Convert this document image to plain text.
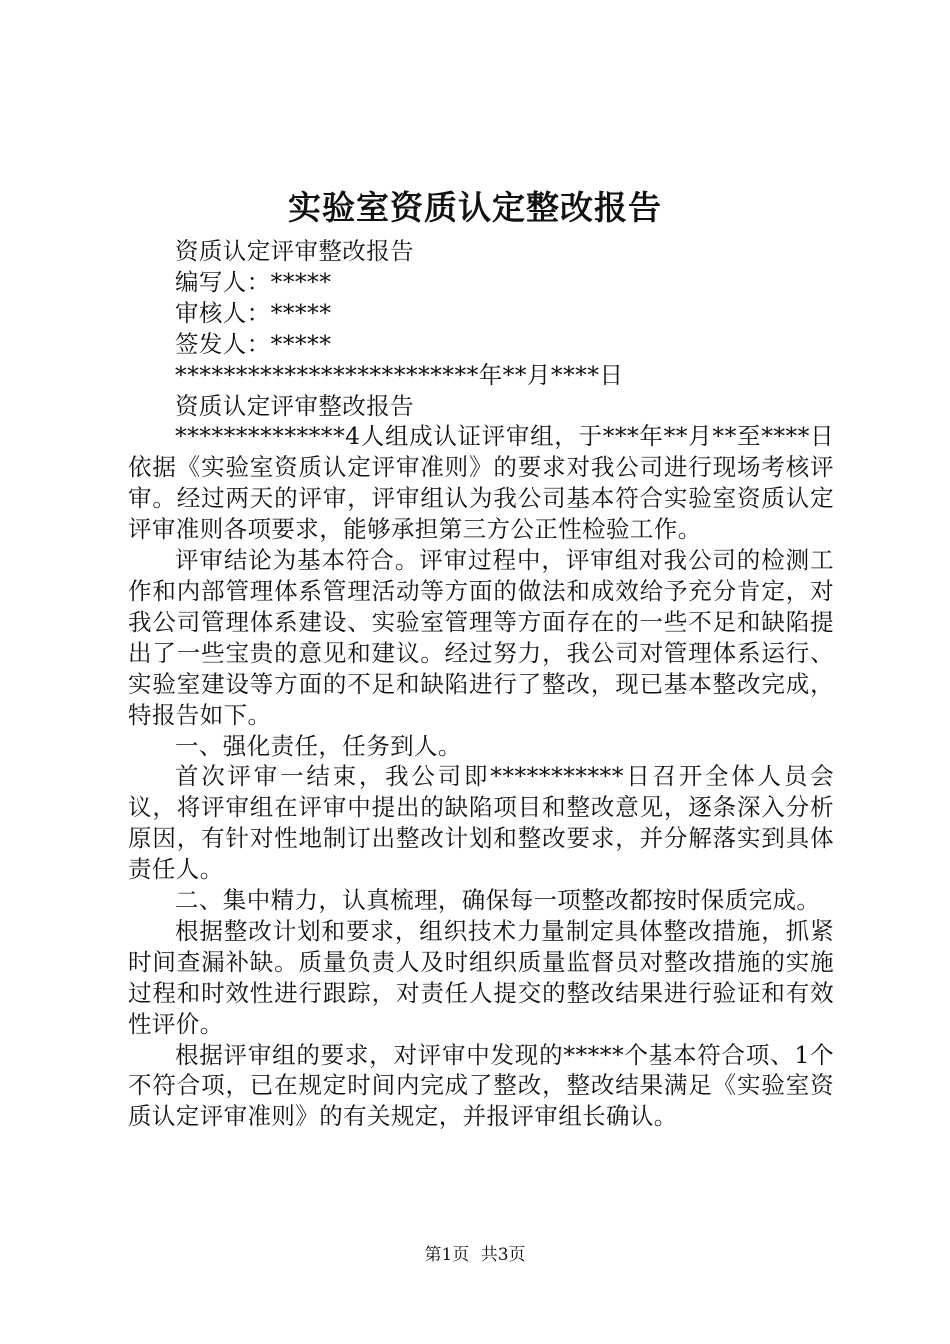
实验室资质认定整改报告

资质认定评审整改报告

编写人：*****

审核人：*****

签发人：*****

*************************年**月****日

资质认定评审整改报告

**************4人组成认证评审组，于***年**月**至****日依据《实验室资质认定评审准则》的要求对我公司进行现场考核评审。经过两天的评审，评审组认为我公司基本符合实验室资质认定评审准则各项要求，能够承担第三方公正性检验工作。

评审结论为基本符合。评审过程中，评审组对我公司的检测工作和内部管理体系管理活动等方面的做法和成效给予充分肯定，对我公司管理体系建设、实验室管理等方面存在的一些不足和缺陷提出了一些宝贵的意见和建议。经过努力，我公司对管理体系运行、实验室建设等方面的不足和缺陷进行了整改，现已基本整改完成，特报告如下。

一、强化责任，任务到人。

首次评审一结束，我公司即***********日召开全体人员会议，将评审组在评审中提出的缺陷项目和整改意见，逐条深入分析原因，有针对性地制订出整改计划和整改要求，并分解落实到具体责任人。

二、集中精力，认真梳理，确保每一项整改都按时保质完成。

根据整改计划和要求，组织技术力量制定具体整改措施，抓紧时间查漏补缺。质量负责人及时组织质量监督员对整改措施的实施过程和时效性进行跟踪，对责任人提交的整改结果进行验证和有效性评价。

根据评审组的要求，对评审中发现的*****个基本符合项、1个不符合项，已在规定时间内完成了整改，整改结果满足《实验室资质认定评审准则》的有关规定，并报评审组长确认。

第1页 共3页
